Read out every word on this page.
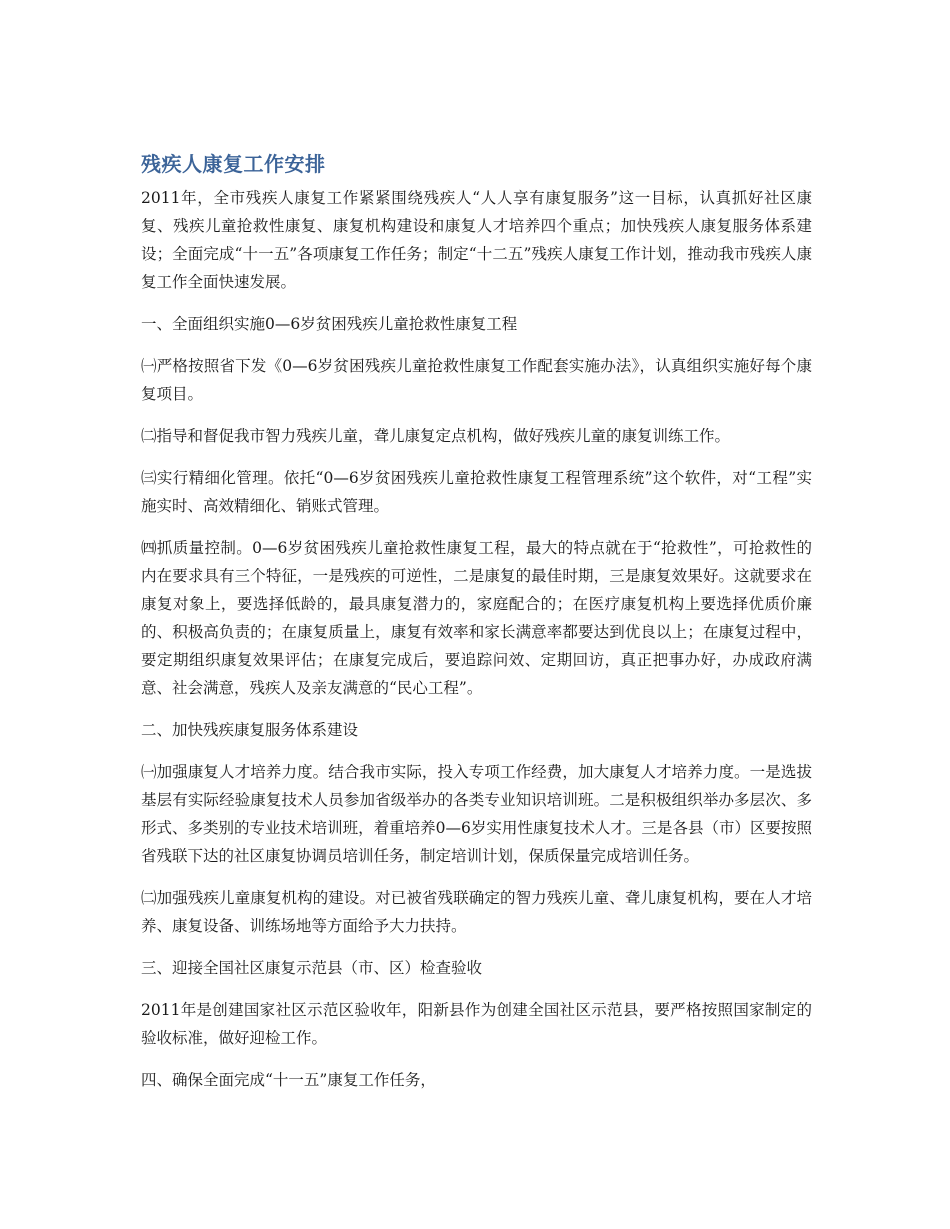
残疾人康复工作安排

2011年，全市残疾人康复工作紧紧围绕残疾人“人人享有康复服务”这一目标，认真抓好社区康复、残疾儿童抢救性康复、康复机构建设和康复人才培养四个重点；加快残疾人康复服务体系建设；全面完成“十一五”各项康复工作任务；制定“十二五”残疾人康复工作计划，推动我市残疾人康复工作全面快速发展。

一、全面组织实施0—6岁贫困残疾儿童抢救性康复工程

㈠严格按照省下发《0—6岁贫困残疾儿童抢救性康复工作配套实施办法》，认真组织实施好每个康复项目。

㈡指导和督促我市智力残疾儿童，聋儿康复定点机构，做好残疾儿童的康复训练工作。

㈢实行精细化管理。依托“0—6岁贫困残疾儿童抢救性康复工程管理系统”这个软件，对“工程”实施实时、高效精细化、销账式管理。

㈣抓质量控制。0—6岁贫困残疾儿童抢救性康复工程，最大的特点就在于“抢救性”，可抢救性的内在要求具有三个特征，一是残疾的可逆性，二是康复的最佳时期，三是康复效果好。这就要求在康复对象上，要选择低龄的，最具康复潜力的，家庭配合的；在医疗康复机构上要选择优质价廉的、积极高负责的；在康复质量上，康复有效率和家长满意率都要达到优良以上；在康复过程中，要定期组织康复效果评估；在康复完成后，要追踪问效、定期回访，真正把事办好，办成政府满意、社会满意，残疾人及亲友满意的“民心工程”。

二、加快残疾康复服务体系建设

㈠加强康复人才培养力度。结合我市实际，投入专项工作经费，加大康复人才培养力度。一是选拔基层有实际经验康复技术人员参加省级举办的各类专业知识培训班。二是积极组织举办多层次、多形式、多类别的专业技术培训班，着重培养0—6岁实用性康复技术人才。三是各县（市）区要按照省残联下达的社区康复协调员培训任务，制定培训计划，保质保量完成培训任务。

㈡加强残疾儿童康复机构的建设。对已被省残联确定的智力残疾儿童、聋儿康复机构，要在人才培养、康复设备、训练场地等方面给予大力扶持。

三、迎接全国社区康复示范县（市、区）检查验收

2011年是创建国家社区示范区验收年，阳新县作为创建全国社区示范县，要严格按照国家制定的验收标准，做好迎检工作。

四、确保全面完成“十一五”康复工作任务，
